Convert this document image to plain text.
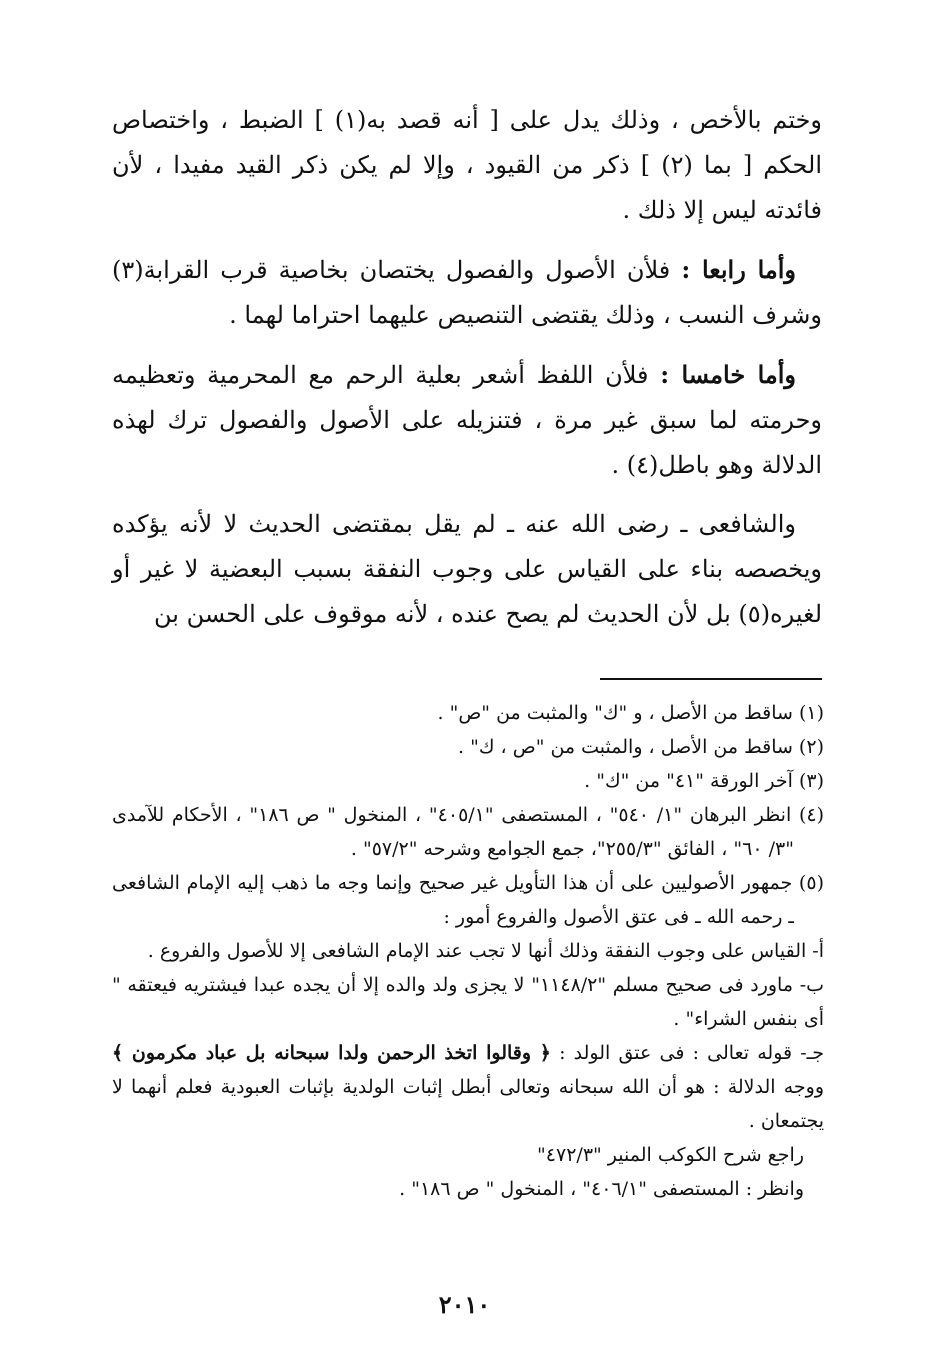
وختم بالأخص ، وذلك يدل على [ أنه قصد به(١) ] الضبط ، واختصاص الحكم [ بما (٢) ] ذكر من القيود ، وإلا لم يكن ذكر القيد مفيدا ، لأن فائدته ليس إلا ذلك .

وأما رابعا : فلأن الأصول والفصول يختصان بخاصية قرب القرابة(٣) وشرف النسب ، وذلك يقتضى التنصيص عليهما احتراما لهما .

وأما خامسا : فلأن اللفظ أشعر بعلية الرحم مع المحرمية وتعظيمه وحرمته لما سبق غير مرة ، فتنزيله على الأصول والفصول ترك لهذه الدلالة وهو باطل(٤) .

والشافعى ـ رضى الله عنه ـ لم يقل بمقتضى الحديث لا لأنه يؤكده ويخصصه بناء على القياس على وجوب النفقة بسبب البعضية لا غير أو لغيره(٥) بل لأن الحديث لم يصح عنده ، لأنه موقوف على الحسن بن

(١) ساقط من الأصل ، و "ك" والمثبت من "ص" .

(٢) ساقط من الأصل ، والمثبت من "ص ، ك" .

(٣) آخر الورقة "٤١" من "ك" .

(٤) انظر البرهان "١/ ٥٤٠" ، المستصفى "٤٠٥/١" ، المنخول " ص ١٨٦" ، الأحكام للآمدى "٣/ ٦٠" ، الفائق "٢٥٥/٣"، جمع الجوامع وشرحه "٥٧/٢" .

(٥) جمهور الأصوليين على أن هذا التأويل غير صحيح وإنما وجه ما ذهب إليه الإمام الشافعى ـ رحمه الله ـ فى عتق الأصول والفروع أمور :

أ- القياس على وجوب النفقة وذلك أنها لا تجب عند الإمام الشافعى إلا للأصول والفروع .

ب- ماورد فى صحيح مسلم "١١٤٨/٢" لا يجزى ولد والده إلا أن يجده عبدا فيشتريه فيعتقه " أى بنفس الشراء" .

جـ- قوله تعالى : فى عتق الولد : ﴿ وقالوا اتخذ الرحمن ولدا سبحانه بل عباد مكرمون ﴾ ووجه الدلالة : هو أن الله سبحانه وتعالى أبطل إثبات الولدية بإثبات العبودية فعلم أنهما لا يجتمعان .

راجع شرح الكوكب المنير "٤٧٢/٣"

وانظر : المستصفى "٤٠٦/١" ، المنخول " ص ١٨٦" .

٢٠١٠
